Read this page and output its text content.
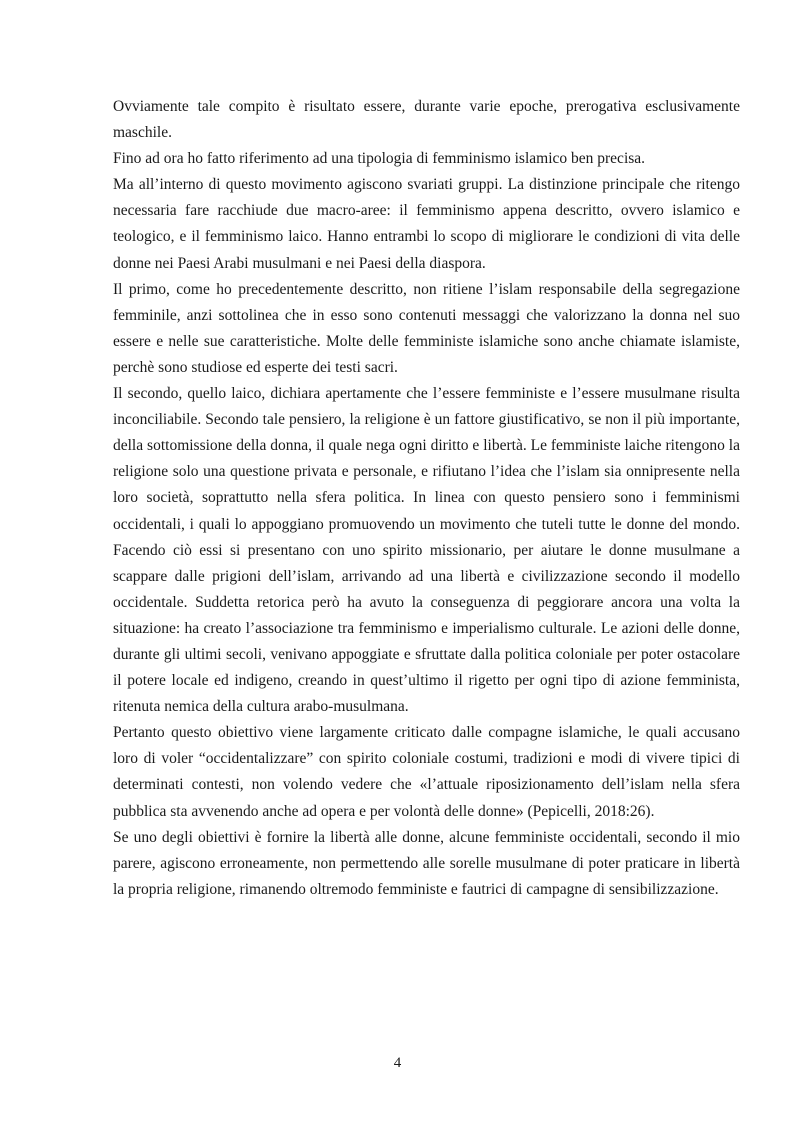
Ovviamente tale compito è risultato essere, durante varie epoche, prerogativa esclusivamente maschile.

Fino ad ora ho fatto riferimento ad una tipologia di femminismo islamico ben precisa.

Ma all’interno di questo movimento agiscono svariati gruppi. La distinzione principale che ritengo necessaria fare racchiude due macro-aree: il femminismo appena descritto, ovvero islamico e teologico, e il femminismo laico. Hanno entrambi lo scopo di migliorare le condizioni di vita delle donne nei Paesi Arabi musulmani e nei Paesi della diaspora.

Il primo, come ho precedentemente descritto, non ritiene l’islam responsabile della segregazione femminile, anzi sottolinea che in esso sono contenuti messaggi che valorizzano la donna nel suo essere e nelle sue caratteristiche. Molte delle femministe islamiche sono anche chiamate islamiste, perchè sono studiose ed esperte dei testi sacri.

Il secondo, quello laico, dichiara apertamente che l’essere femministe e l’essere musulmane risulta inconciliabile. Secondo tale pensiero, la religione è un fattore giustificativo, se non il più importante, della sottomissione della donna, il quale nega ogni diritto e libertà. Le femministe laiche ritengono la religione solo una questione privata e personale, e rifiutano l’idea che l’islam sia onnipresente nella loro società, soprattutto nella sfera politica. In linea con questo pensiero sono i femminismi occidentali, i quali lo appoggiano promuovendo un movimento che tuteli tutte le donne del mondo. Facendo ciò essi si presentano con uno spirito missionario, per aiutare le donne musulmane a scappare dalle prigioni dell’islam, arrivando ad una libertà e civilizzazione secondo il modello occidentale. Suddetta retorica però ha avuto la conseguenza di peggiorare ancora una volta la situazione: ha creato l’associazione tra femminismo e imperialismo culturale. Le azioni delle donne, durante gli ultimi secoli, venivano appoggiate e sfruttate dalla politica coloniale per poter ostacolare il potere locale ed indigeno, creando in quest’ultimo il rigetto per ogni tipo di azione femminista, ritenuta nemica della cultura arabo-musulmana.

Pertanto questo obiettivo viene largamente criticato dalle compagne islamiche, le quali accusano loro di voler “occidentalizzare” con spirito coloniale costumi, tradizioni e modi di vivere tipici di determinati contesti, non volendo vedere che «l’attuale riposizionamento dell’islam nella sfera pubblica sta avvenendo anche ad opera e per volontà delle donne» (Pepicelli, 2018:26).

Se uno degli obiettivi è fornire la libertà alle donne, alcune femministe occidentali, secondo il mio parere, agiscono erroneamente, non permettendo alle sorelle musulmane di poter praticare in libertà la propria religione, rimanendo oltremodo femministe e fautrici di campagne di sensibilizzazione.

4
